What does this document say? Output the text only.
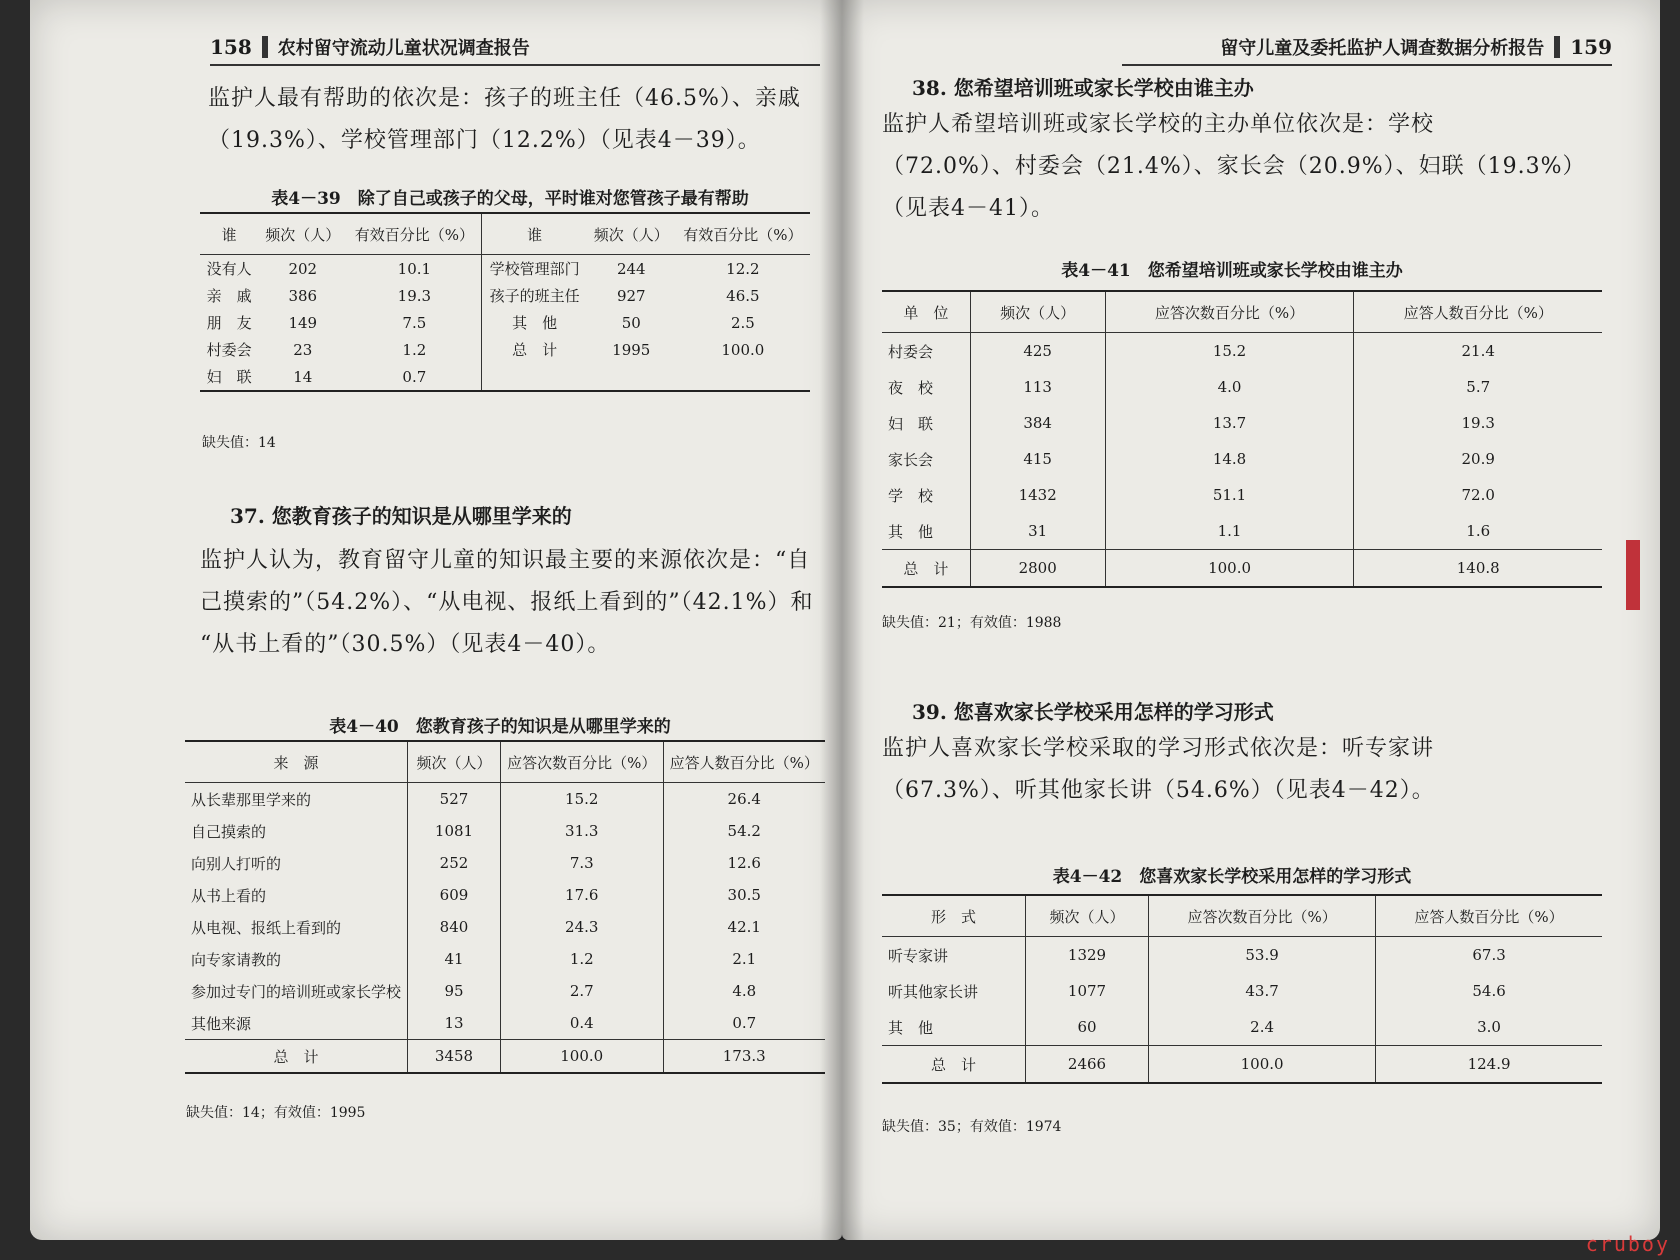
158 农村留守流动儿童状况调查报告
监护人最有帮助的依次是：孩子的班主任（46.5%）、亲戚
（19.3%）、学校管理部门（12.2%）（见表4－39）。
表4－39　除了自己或孩子的父母，平时谁对您管孩子最有帮助
谁	频次（人）	有效百分比（%）	谁	频次（人）	有效百分比（%）
没有人	202	10.1	学校管理部门	244	12.2
亲　戚	386	19.3	孩子的班主任	927	46.5
朋　友	149	7.5	其　他	50	2.5
村委会	23	1.2	总　计	1995	100.0
妇　联	14	0.7			
缺失值：14
37. 您教育孩子的知识是从哪里学来的
监护人认为，教育留守儿童的知识最主要的来源依次是：“自
己摸索的”（54.2%）、“从电视、报纸上看到的”（42.1%）和
“从书上看的”（30.5%）（见表4－40）。
表4－40　您教育孩子的知识是从哪里学来的
来　源	频次（人）	应答次数百分比（%）	应答人数百分比（%）
从长辈那里学来的	527	15.2	26.4
自己摸索的	1081	31.3	54.2
向别人打听的	252	7.3	12.6
从书上看的	609	17.6	30.5
从电视、报纸上看到的	840	24.3	42.1
向专家请教的	41	1.2	2.1
参加过专门的培训班或家长学校	95	2.7	4.8
其他来源	13	0.4	0.7
总　计	3458	100.0	173.3
缺失值：14；有效值：1995
留守儿童及委托监护人调查数据分析报告 159
38. 您希望培训班或家长学校由谁主办
监护人希望培训班或家长学校的主办单位依次是：学校
（72.0%）、村委会（21.4%）、家长会（20.9%）、妇联（19.3%）
（见表4－41）。
表4－41　您希望培训班或家长学校由谁主办
单　位	频次（人）	应答次数百分比（%）	应答人数百分比（%）
村委会	425	15.2	21.4
夜　校	113	4.0	5.7
妇　联	384	13.7	19.3
家长会	415	14.8	20.9
学　校	1432	51.1	72.0
其　他	31	1.1	1.6
总　计	2800	100.0	140.8
缺失值：21；有效值：1988
39. 您喜欢家长学校采用怎样的学习形式
监护人喜欢家长学校采取的学习形式依次是：听专家讲
（67.3%）、听其他家长讲（54.6%）（见表4－42）。
表4－42　您喜欢家长学校采用怎样的学习形式
形　式	频次（人）	应答次数百分比（%）	应答人数百分比（%）
听专家讲	1329	53.9	67.3
听其他家长讲	1077	43.7	54.6
其　他	60	2.4	3.0
总　计	2466	100.0	124.9
缺失值：35；有效值：1974
cruboy
